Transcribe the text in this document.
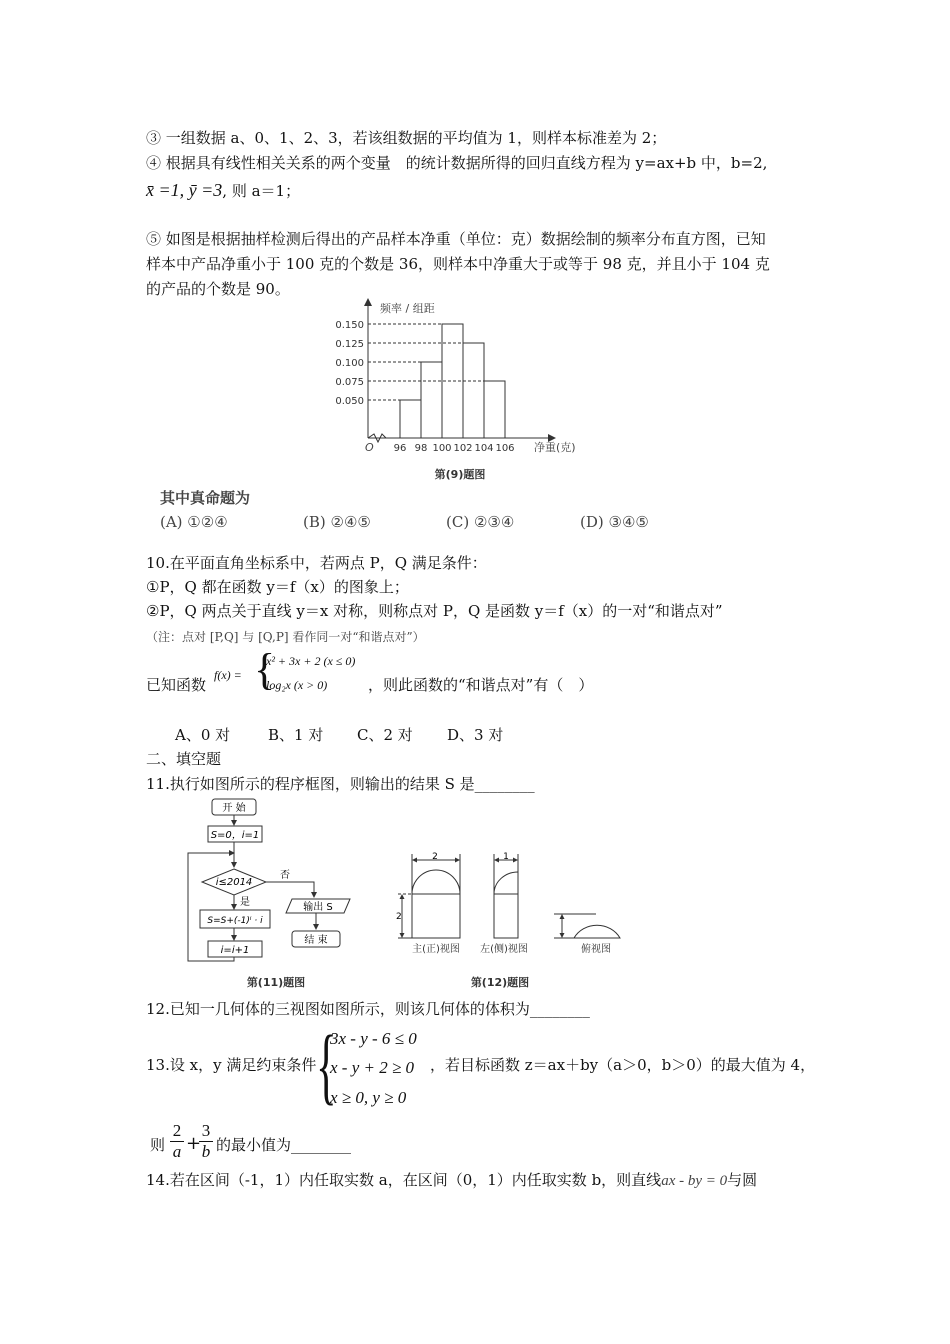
③ 一组数据 a、0、1、2、3，若该组数据的平均值为 1，则样本标准差为 2；
④ 根据具有线性相关关系的两个变量　的统计数据所得的回归直线方程为 y=ax+b 中，b=2,
x̄ =1, ȳ =3, 则 a＝1；
⑤ 如图是根据抽样检测后得出的产品样本净重（单位：克）数据绘制的频率分布直方图，已知
样本中产品净重小于 100 克的个数是 36，则样本中净重大于或等于 98 克，并且小于 104 克
的产品的个数是 90。
0.050
0.075
0.100
0.125
0.150
96 98 100 102 104 106
频率 / 组距
净重(克)
O
第(9)题图
其中真命题为
(A) ①②④	(B) ②④⑤	(C) ②③④	(D) ③④⑤
10.在平面直角坐标系中，若两点 P，Q 满足条件：
①P，Q 都在函数 y＝f（x）的图象上；
②P，Q 两点关于直线 y＝x 对称，则称点对 P，Q 是函数 y＝f（x）的一对“和谐点对”
（注：点对 [P,Q] 与 [Q,P] 看作同一对“和谐点对”）
已知函数
f(x) = {
x² + 3x + 2 (x ≤ 0)
log₂x (x > 0)	，则此函数的“和谐点对”有（　）
A、0 对	B、1 对 C、2 对 D、3 对
二、填空题
11.执行如图所示的程序框图，则输出的结果 S 是________
开 始
S=0，i=1
i≤2014
否
输出 S
结 束
是
S=S+(-1)ⁱ · i
i=i+1
第(11)题图
2
2
主(正)视图
1
左(侧)视图	俯视图
第(12)题图
12.已知一几何体的三视图如图所示，则该几何体的体积为________
13.设 x，y 满足约束条件 {
3x - y - 6 ≤ 0
x - y + 2 ≥ 0
x ≥ 0, y ≥ 0
，若目标函数 z＝ax＋by（a＞0，b＞0）的最大值为 4，
则 $\frac{2}{a}$ +
$\frac{3}{b}$ 的最小值为________
14.若在区间（-1，1）内任取实数 a，在区间（0，1）内任取实数 b，则直线ax - by = 0与圆
